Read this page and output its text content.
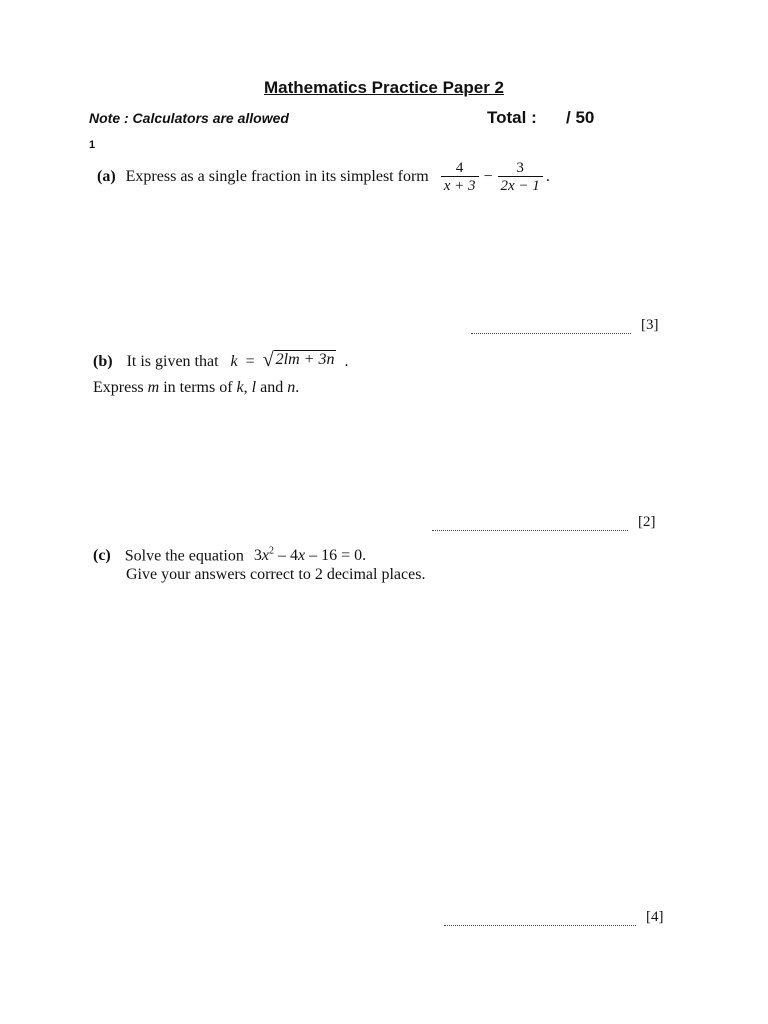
Mathematics Practice Paper 2
Note : Calculators are allowed	Total : / 50
1
(a) Express as a single fraction in its simplest form $\frac{4}{x + 3} - \frac{3}{2x - 1}$ .
[3]
(b) It is given that k = √ 2lm + 3n .
Express m in terms of k, l and n.
[2]
(c) Solve the equation $3x^2 - 4x - 16 = 0$.
Give your answers correct to 2 decimal places.
[4]
